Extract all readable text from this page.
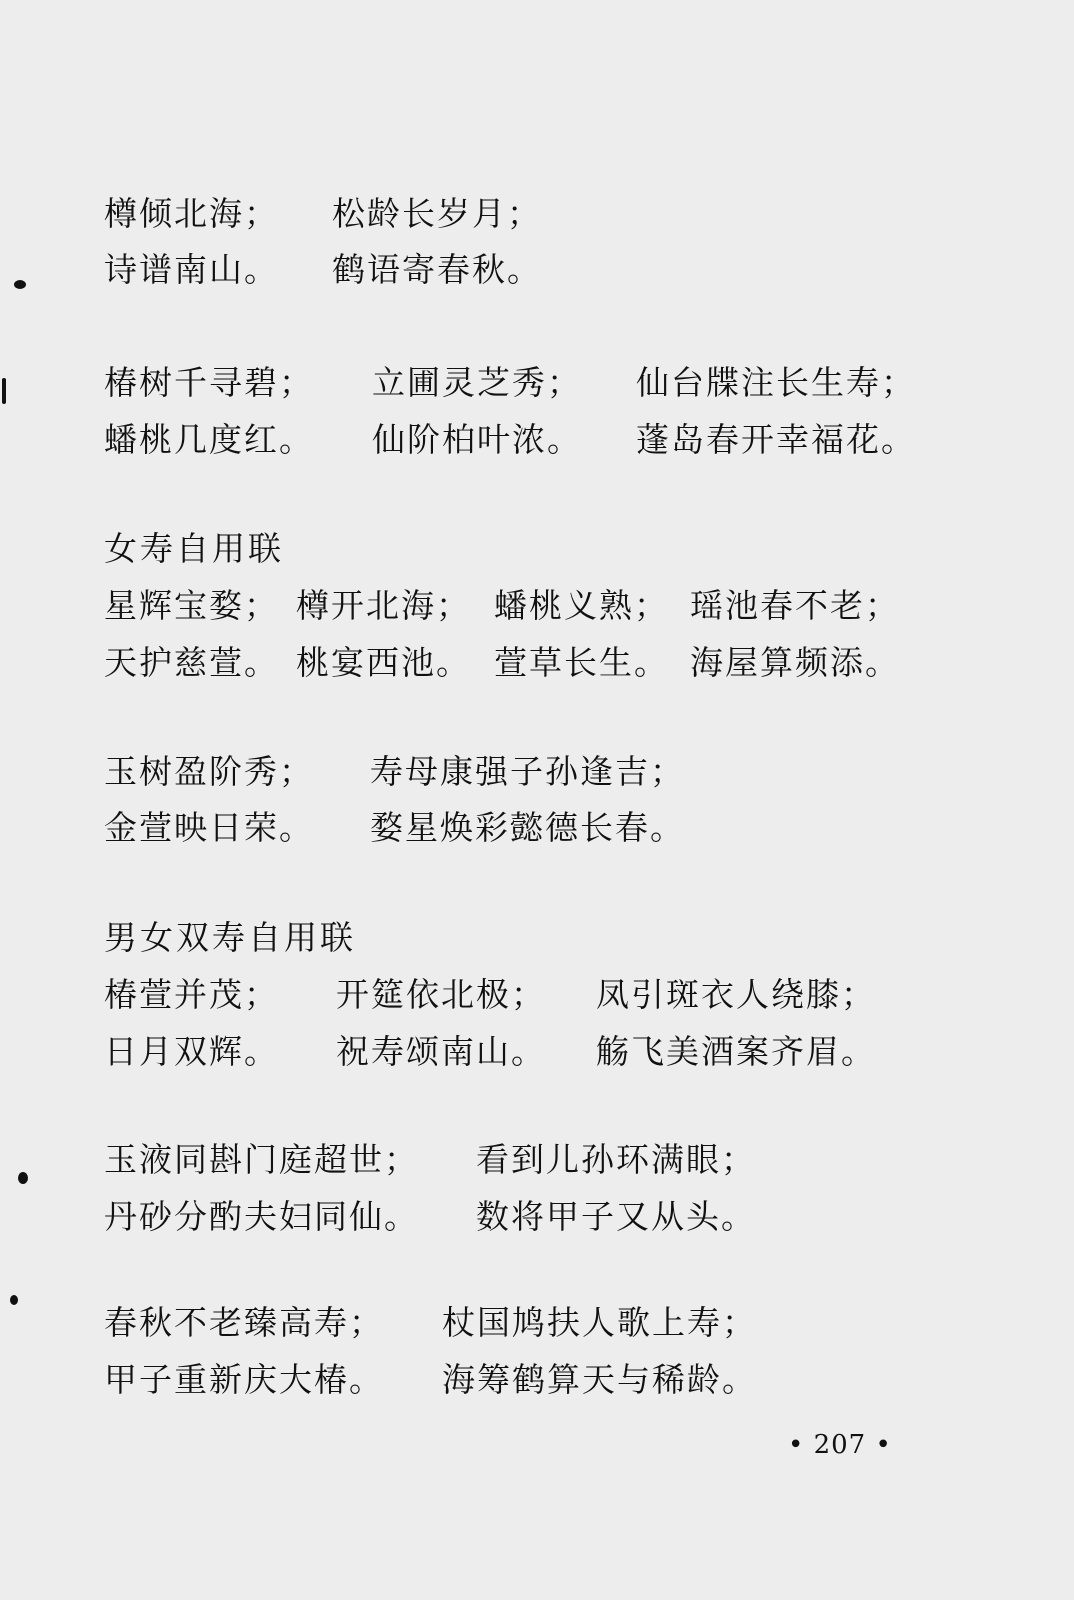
樽倾北海； 松龄长岁月；
诗谱南山。 鹤语寄春秋。
椿树千寻碧； 立圃灵芝秀； 仙台牒注长生寿；
蟠桃几度红。 仙阶柏叶浓。 蓬岛春开幸福花。
女寿自用联
星辉宝婺； 樽开北海； 蟠桃义熟； 瑶池春不老；
天护慈萱。 桃宴西池。 萱草长生。 海屋算频添。
玉树盈阶秀； 寿母康强子孙逢吉；
金萱映日荣。 婺星焕彩懿德长春。
男女双寿自用联
椿萱并茂； 开筵依北极； 凤引斑衣人绕膝；
日月双辉。 祝寿颂南山。 觞飞美酒案齐眉。
玉液同斟门庭超世； 看到儿孙环满眼；
丹砂分酌夫妇同仙。 数将甲子又从头。
春秋不老臻高寿； 杖国鸠扶人歌上寿；
甲子重新庆大椿。 海筹鹤算天与稀龄。
• 207 •
